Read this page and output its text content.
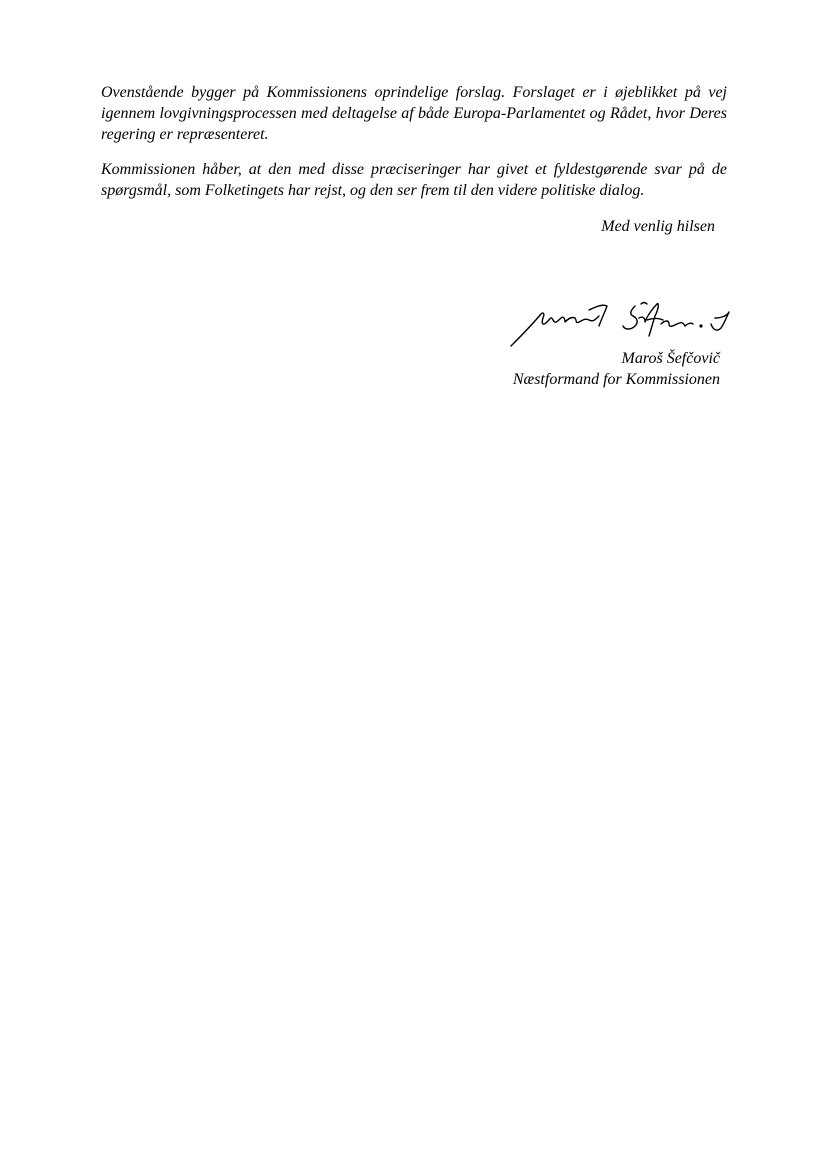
Ovenstående bygger på Kommissionens oprindelige forslag. Forslaget er i øjeblikket på vej igennem lovgivningsprocessen med deltagelse af både Europa-Parlamentet og Rådet, hvor Deres regering er repræsenteret.

Kommissionen håber, at den med disse præciseringer har givet et fyldestgørende svar på de spørgsmål, som Folketingets har rejst, og den ser frem til den videre politiske dialog.

Med venlig hilsen
Maroš Šefčovič
Næstformand for Kommissionen
